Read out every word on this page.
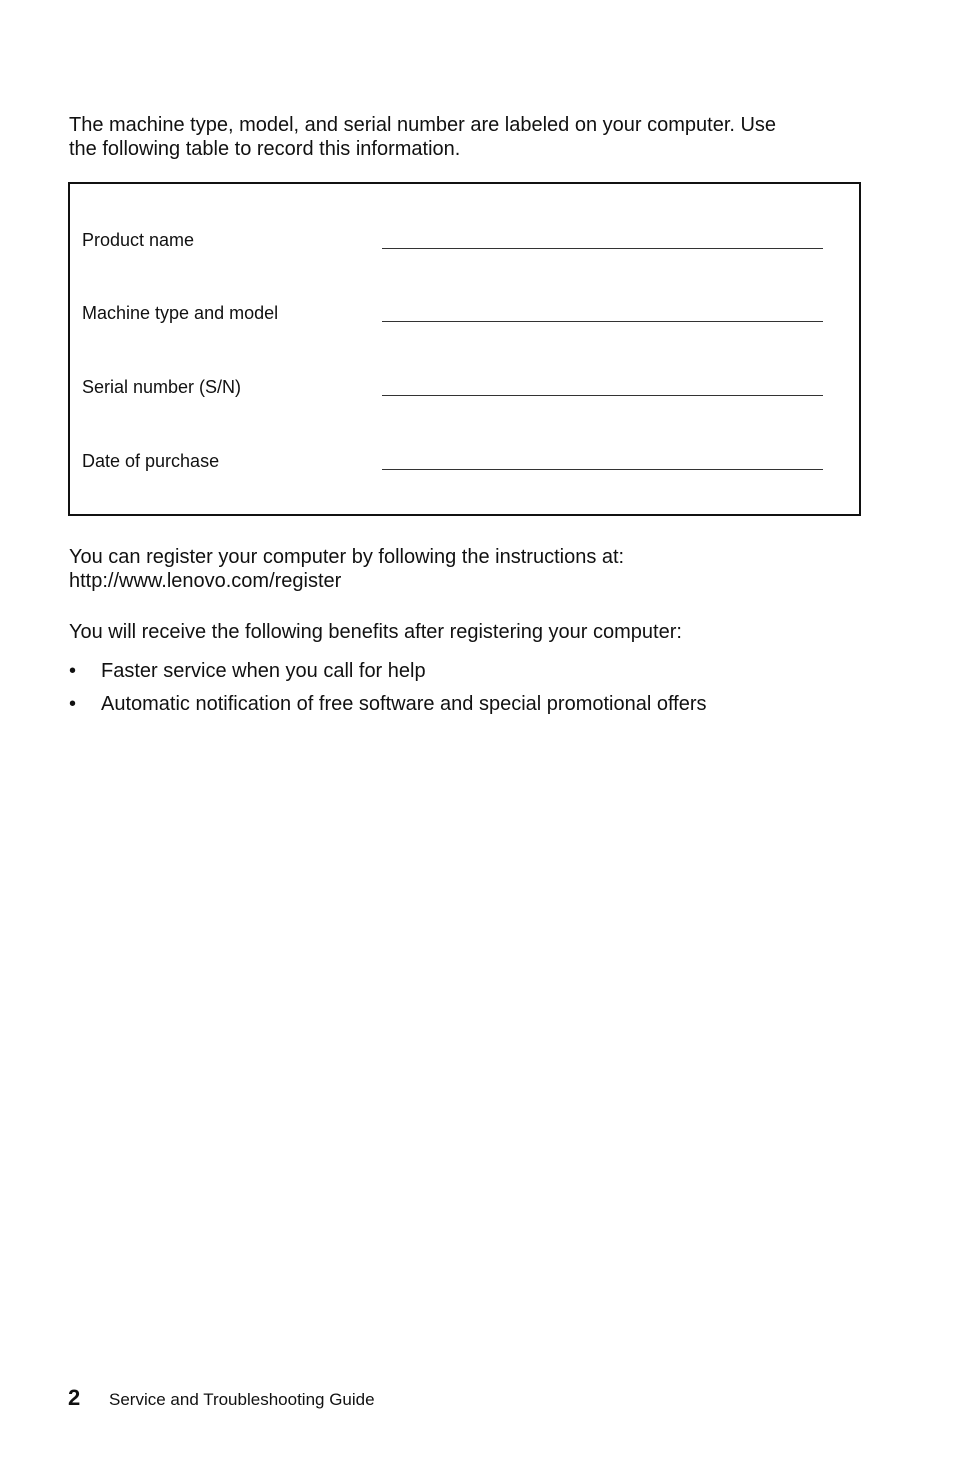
The machine type, model, and serial number are labeled on your computer. Use
the following table to record this information.

Product name
Machine type and model
Serial number (S/N)
Date of purchase

You can register your computer by following the instructions at:
http://www.lenovo.com/register

You will receive the following benefits after registering your computer:

• Faster service when you call for help
• Automatic notification of free software and special promotional offers
2 Service and Troubleshooting Guide
